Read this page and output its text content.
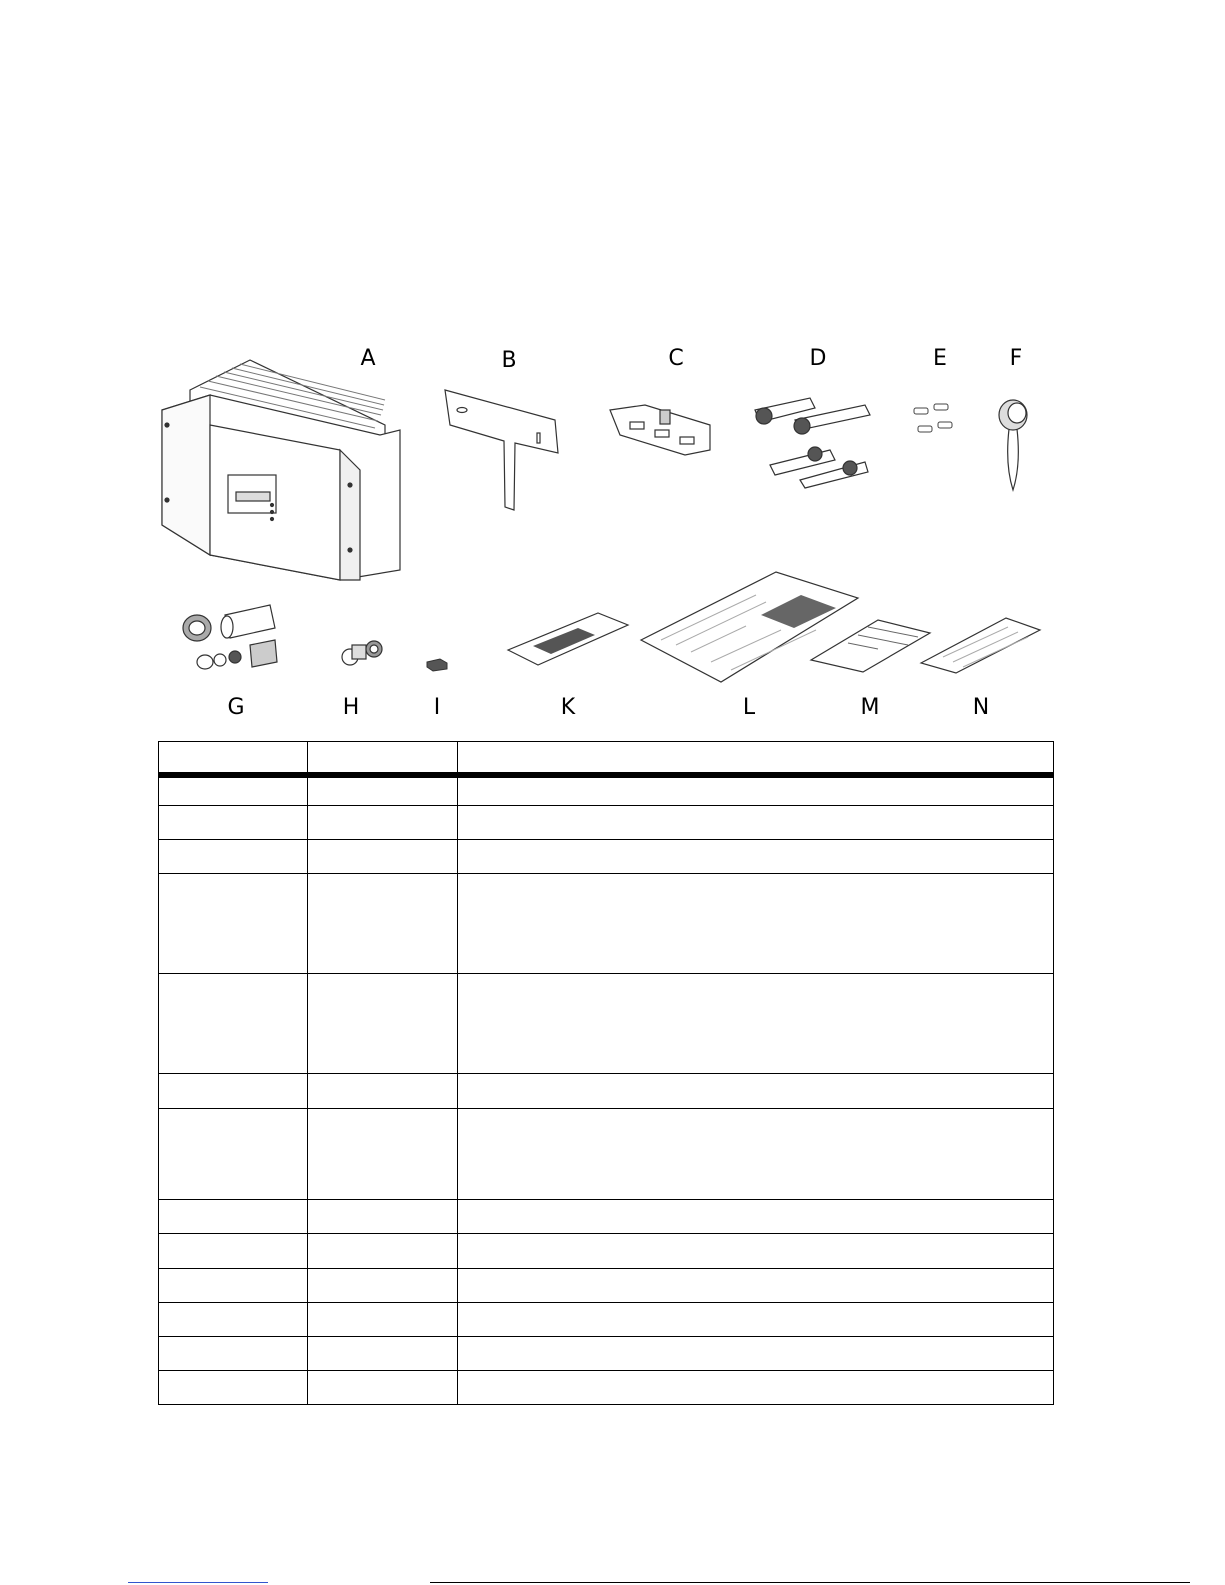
A	B	C	D	E	F
G	H	I	K	L	M	N
